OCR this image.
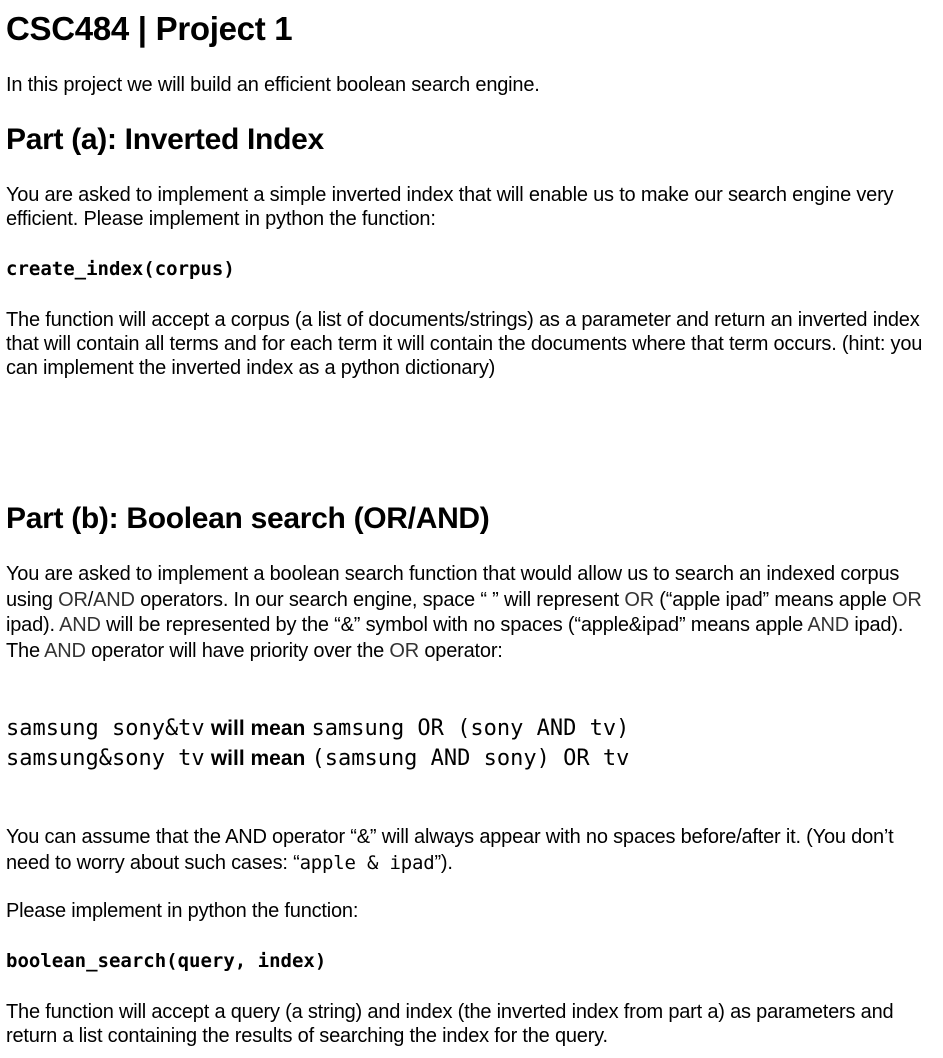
CSC484 | Project 1

In this project we will build an efficient boolean search engine.

Part (a): Inverted Index

You are asked to implement a simple inverted index that will enable us to make our search engine very efficient. Please implement in python the function:

create_index(corpus)

The function will accept a corpus (a list of documents/strings) as a parameter and return an inverted index that will contain all terms and for each term it will contain the documents where that term occurs. (hint: you can implement the inverted index as a python dictionary)

Part (b): Boolean search (OR/AND)

You are asked to implement a boolean search function that would allow us to search an indexed corpus using OR/AND operators. In our search engine, space “ ” will represent OR (“apple ipad” means apple OR ipad). AND will be represented by the “&” symbol with no spaces (“apple&ipad” means apple AND ipad). The AND operator will have priority over the OR operator:

samsung sony&tv will mean samsung OR (sony AND tv)
samsung&sony tv will mean (samsung AND sony) OR tv

You can assume that the AND operator “&” will always appear with no spaces before/after it. (You don’t need to worry about such cases: “apple & ipad”).

Please implement in python the function:

boolean_search(query, index)

The function will accept a query (a string) and index (the inverted index from part a) as parameters and return a list containing the results of searching the index for the query.
